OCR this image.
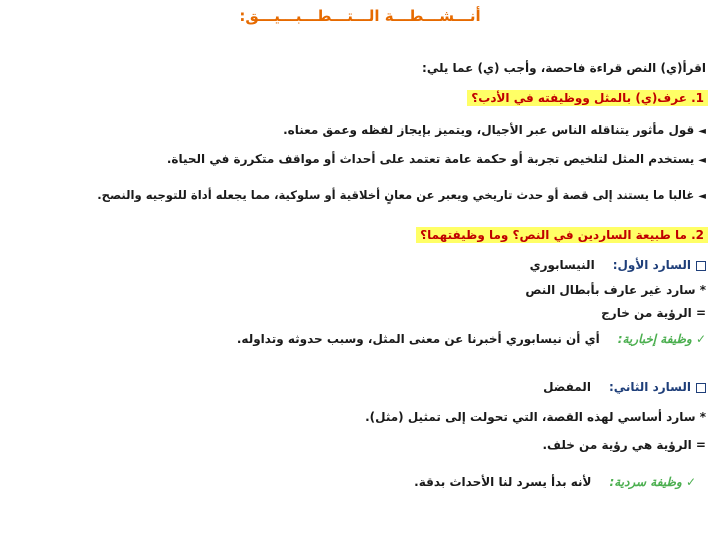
أنـــشـــطـــة الـــتـــطـــبـــيـــق:
اقرأ(ي) النص قراءة فاحصة، وأجب (ي) عما يلي:
1. عرف(ي) بالمثل ووظيفته في الأدب؟
◄قول مأثور يتناقله الناس عبر الأجيال، ويتميز بإيجاز لفظه وعمق معناه.
◄يستخدم المثل لتلخيص تجربة أو حكمة عامة تعتمد على أحداث أو مواقف متكررة في الحياة.
◄غالبا ما يستند إلى قصة أو حدث تاريخي ويعبر عن معانٍ أخلاقية أو سلوكية، مما يجعله أداة للتوجيه والنصح.
2. ما طبيعة الساردين في النص؟ وما وظيفتهما؟
السارد الأول:النيسابوري
* سارد غير عارف بأبطال النص
= الرؤية من خارج
✓ وظيفة إخبارية:أي أن نيسابوري أخبرنا عن معنى المثل، وسبب حدوثه وتداوله.
السارد الثاني:المفضل
* سارد أساسي لهذه القصة، التي تحولت إلى تمثيل (مثل).
= الرؤية هي رؤية من خلف.
✓ وظيفة سردية:لأنه بدأ يسرد لنا الأحداث بدقة.
